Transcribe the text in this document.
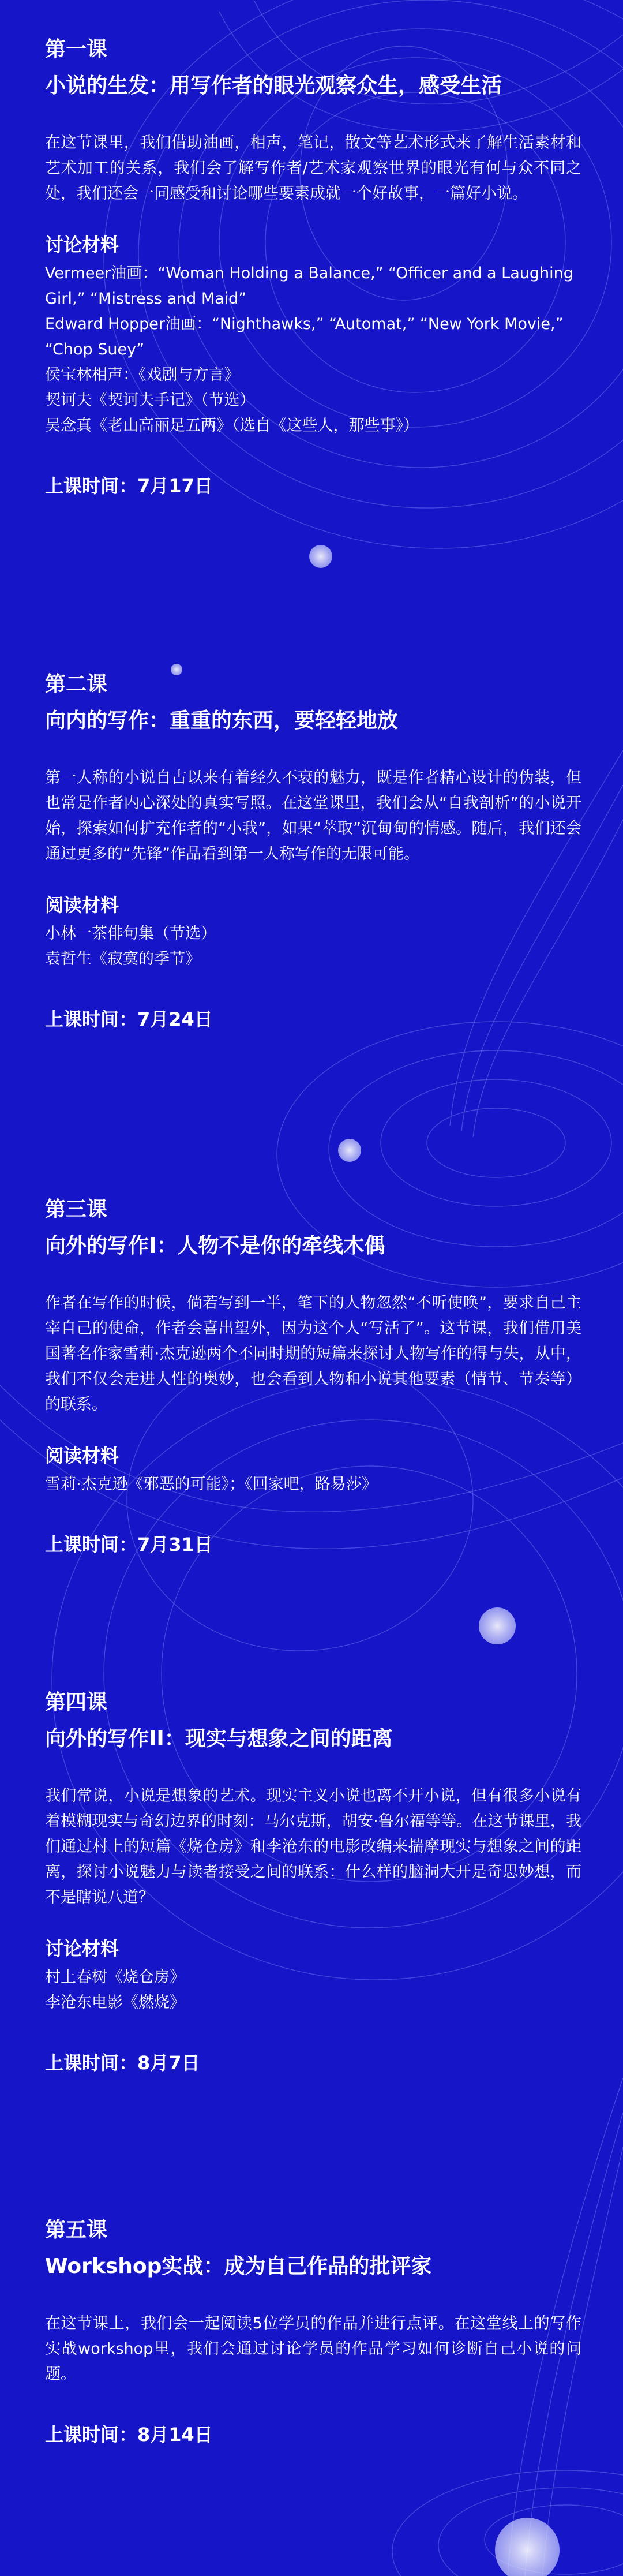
第一课
小说的生发：用写作者的眼光观察众生，感受生活

在这节课里，我们借助油画，相声，笔记，散文等艺术形式来了解生活素材和艺术加工的关系，我们会了解写作者/艺术家观察世界的眼光有何与众不同之处，我们还会一同感受和讨论哪些要素成就一个好故事，一篇好小说。

讨论材料
Vermeer油画：“Woman Holding a Balance,” “Officer and a Laughing Girl,” “Mistress and Maid”
Edward Hopper油画：“Nighthawks,” “Automat,” “New York Movie,” “Chop Suey”
侯宝林相声：《戏剧与方言》
契诃夫《契诃夫手记》（节选）
吴念真《老山高丽足五两》（选自《这些人，那些事》）
上课时间：7月17日
第二课
向内的写作：重重的东西，要轻轻地放

第一人称的小说自古以来有着经久不衰的魅力，既是作者精心设计的伪装，但也常是作者内心深处的真实写照。在这堂课里，我们会从“自我剖析”的小说开始，探索如何扩充作者的“小我”，如果“萃取”沉甸甸的情感。随后，我们还会通过更多的“先锋”作品看到第一人称写作的无限可能。

阅读材料
小林一茶俳句集（节选）
袁哲生《寂寞的季节》
上课时间：7月24日
第三课
向外的写作I：人物不是你的牵线木偶

作者在写作的时候，倘若写到一半，笔下的人物忽然“不听使唤”，要求自己主宰自己的使命，作者会喜出望外，因为这个人“写活了”。这节课，我们借用美国著名作家雪莉·杰克逊两个不同时期的短篇来探讨人物写作的得与失，从中，我们不仅会走进人性的奥妙，也会看到人物和小说其他要素（情节、节奏等）的联系。

阅读材料
雪莉·杰克逊《邪恶的可能》；《回家吧，路易莎》
上课时间：7月31日
第四课
向外的写作II：现实与想象之间的距离

我们常说，小说是想象的艺术。现实主义小说也离不开小说，但有很多小说有着模糊现实与奇幻边界的时刻：马尔克斯，胡安·鲁尔福等等。在这节课里，我们通过村上的短篇《烧仓房》和李沧东的电影改编来揣摩现实与想象之间的距离，探讨小说魅力与读者接受之间的联系：什么样的脑洞大开是奇思妙想，而不是瞎说八道？

讨论材料
村上春树《烧仓房》
李沧东电影《燃烧》
上课时间：8月7日
第五课
Workshop实战：成为自己作品的批评家

在这节课上，我们会一起阅读5位学员的作品并进行点评。在这堂线上的写作实战workshop里，我们会通过讨论学员的作品学习如何诊断自己小说的问题。

上课时间：8月14日
